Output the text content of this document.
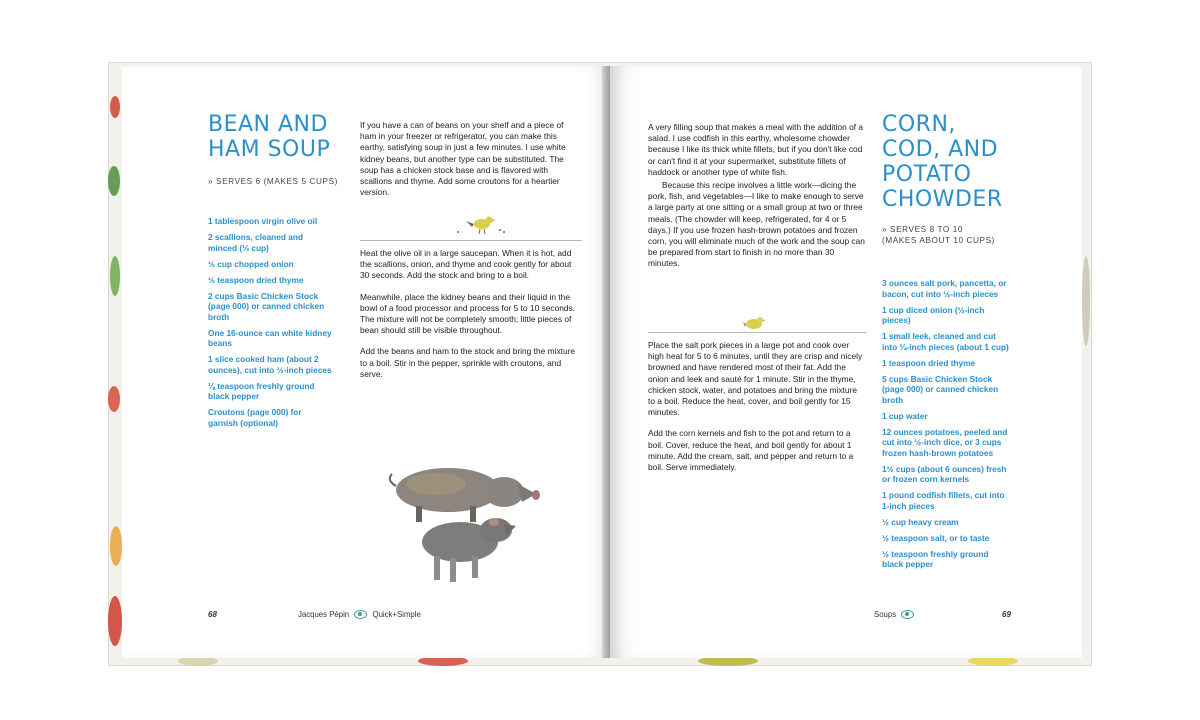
BEAN AND
HAM SOUP
» SERVES 6 (MAKES 5 CUPS)
1 tablespoon virgin olive oil
2 scallions, cleaned and minced (⅓ cup)
½ cup chopped onion
½ teaspoon dried thyme
2 cups Basic Chicken Stock (page 000) or canned chicken broth
One 16-ounce can white kidney beans
1 slice cooked ham (about 2 ounces), cut into ½-inch pieces
⅛ teaspoon freshly ground black pepper
Croutons (page 000) for garnish (optional)

If you have a can of beans on your shelf and a piece of ham in your freezer or refrigerator, you can make this earthy, satisfying soup in just a few minutes. I use white kidney beans, but another type can be substituted. The soup has a chicken stock base and is flavored with scallions and thyme. Add some croutons for a heartier version.

Heat the olive oil in a large saucepan. When it is hot, add the scallions, onion, and thyme and cook gently for about 30 seconds. Add the stock and bring to a boil.

Meanwhile, place the kidney beans and their liquid in the bowl of a food processor and process for 5 to 10 seconds. The mixture will not be completely smooth; little pieces of bean should still be visible throughout.

Add the beans and ham to the stock and bring the mixture to a boil. Stir in the pepper, sprinkle with croutons, and serve.

68	Jacques Pépin	Quick+Simple

A very filling soup that makes a meal with the addition of a salad. I use codfish in this earthy, wholesome chowder because I like its thick white fillets, but if you don't like cod or can't find it at your supermarket, substitute fillets of haddock or another type of white fish.

Because this recipe involves a little work—dicing the pork, fish, and vegetables—I like to make enough to serve a large party at one sitting or a small group at two or three meals. (The chowder will keep, refrigerated, for 4 or 5 days.) If you use frozen hash-brown potatoes and frozen corn, you will eliminate much of the work and the soup can be prepared from start to finish in no more than 30 minutes.

Place the salt pork pieces in a large pot and cook over high heat for 5 to 6 minutes, until they are crisp and nicely browned and have rendered most of their fat. Add the onion and leek and sauté for 1 minute. Stir in the thyme, chicken stock, water, and potatoes and bring the mixture to a boil. Reduce the heat, cover, and boil gently for 15 minutes.

Add the corn kernels and fish to the pot and return to a boil. Cover, reduce the heat, and boil gently for about 1 minute. Add the cream, salt, and pepper and return to a boil. Serve immediately.

CORN,
COD, AND
POTATO
CHOWDER
» SERVES 8 TO 10
(MAKES ABOUT 10 CUPS)
3 ounces salt pork, pancetta, or bacon, cut into ½-inch pieces
1 cup diced onion (½-inch pieces)
1 small leek, cleaned and cut into ¼-inch pieces (about 1 cup)
1 teaspoon dried thyme
5 cups Basic Chicken Stock (page 000) or canned chicken broth
1 cup water
12 ounces potatoes, peeled and cut into ½-inch dice, or 3 cups frozen hash-brown potatoes
1½ cups (about 6 ounces) fresh or frozen corn kernels
1 pound codfish fillets, cut into 1-inch pieces
½ cup heavy cream
½ teaspoon salt, or to taste
½ teaspoon freshly ground black pepper
Soups	69
